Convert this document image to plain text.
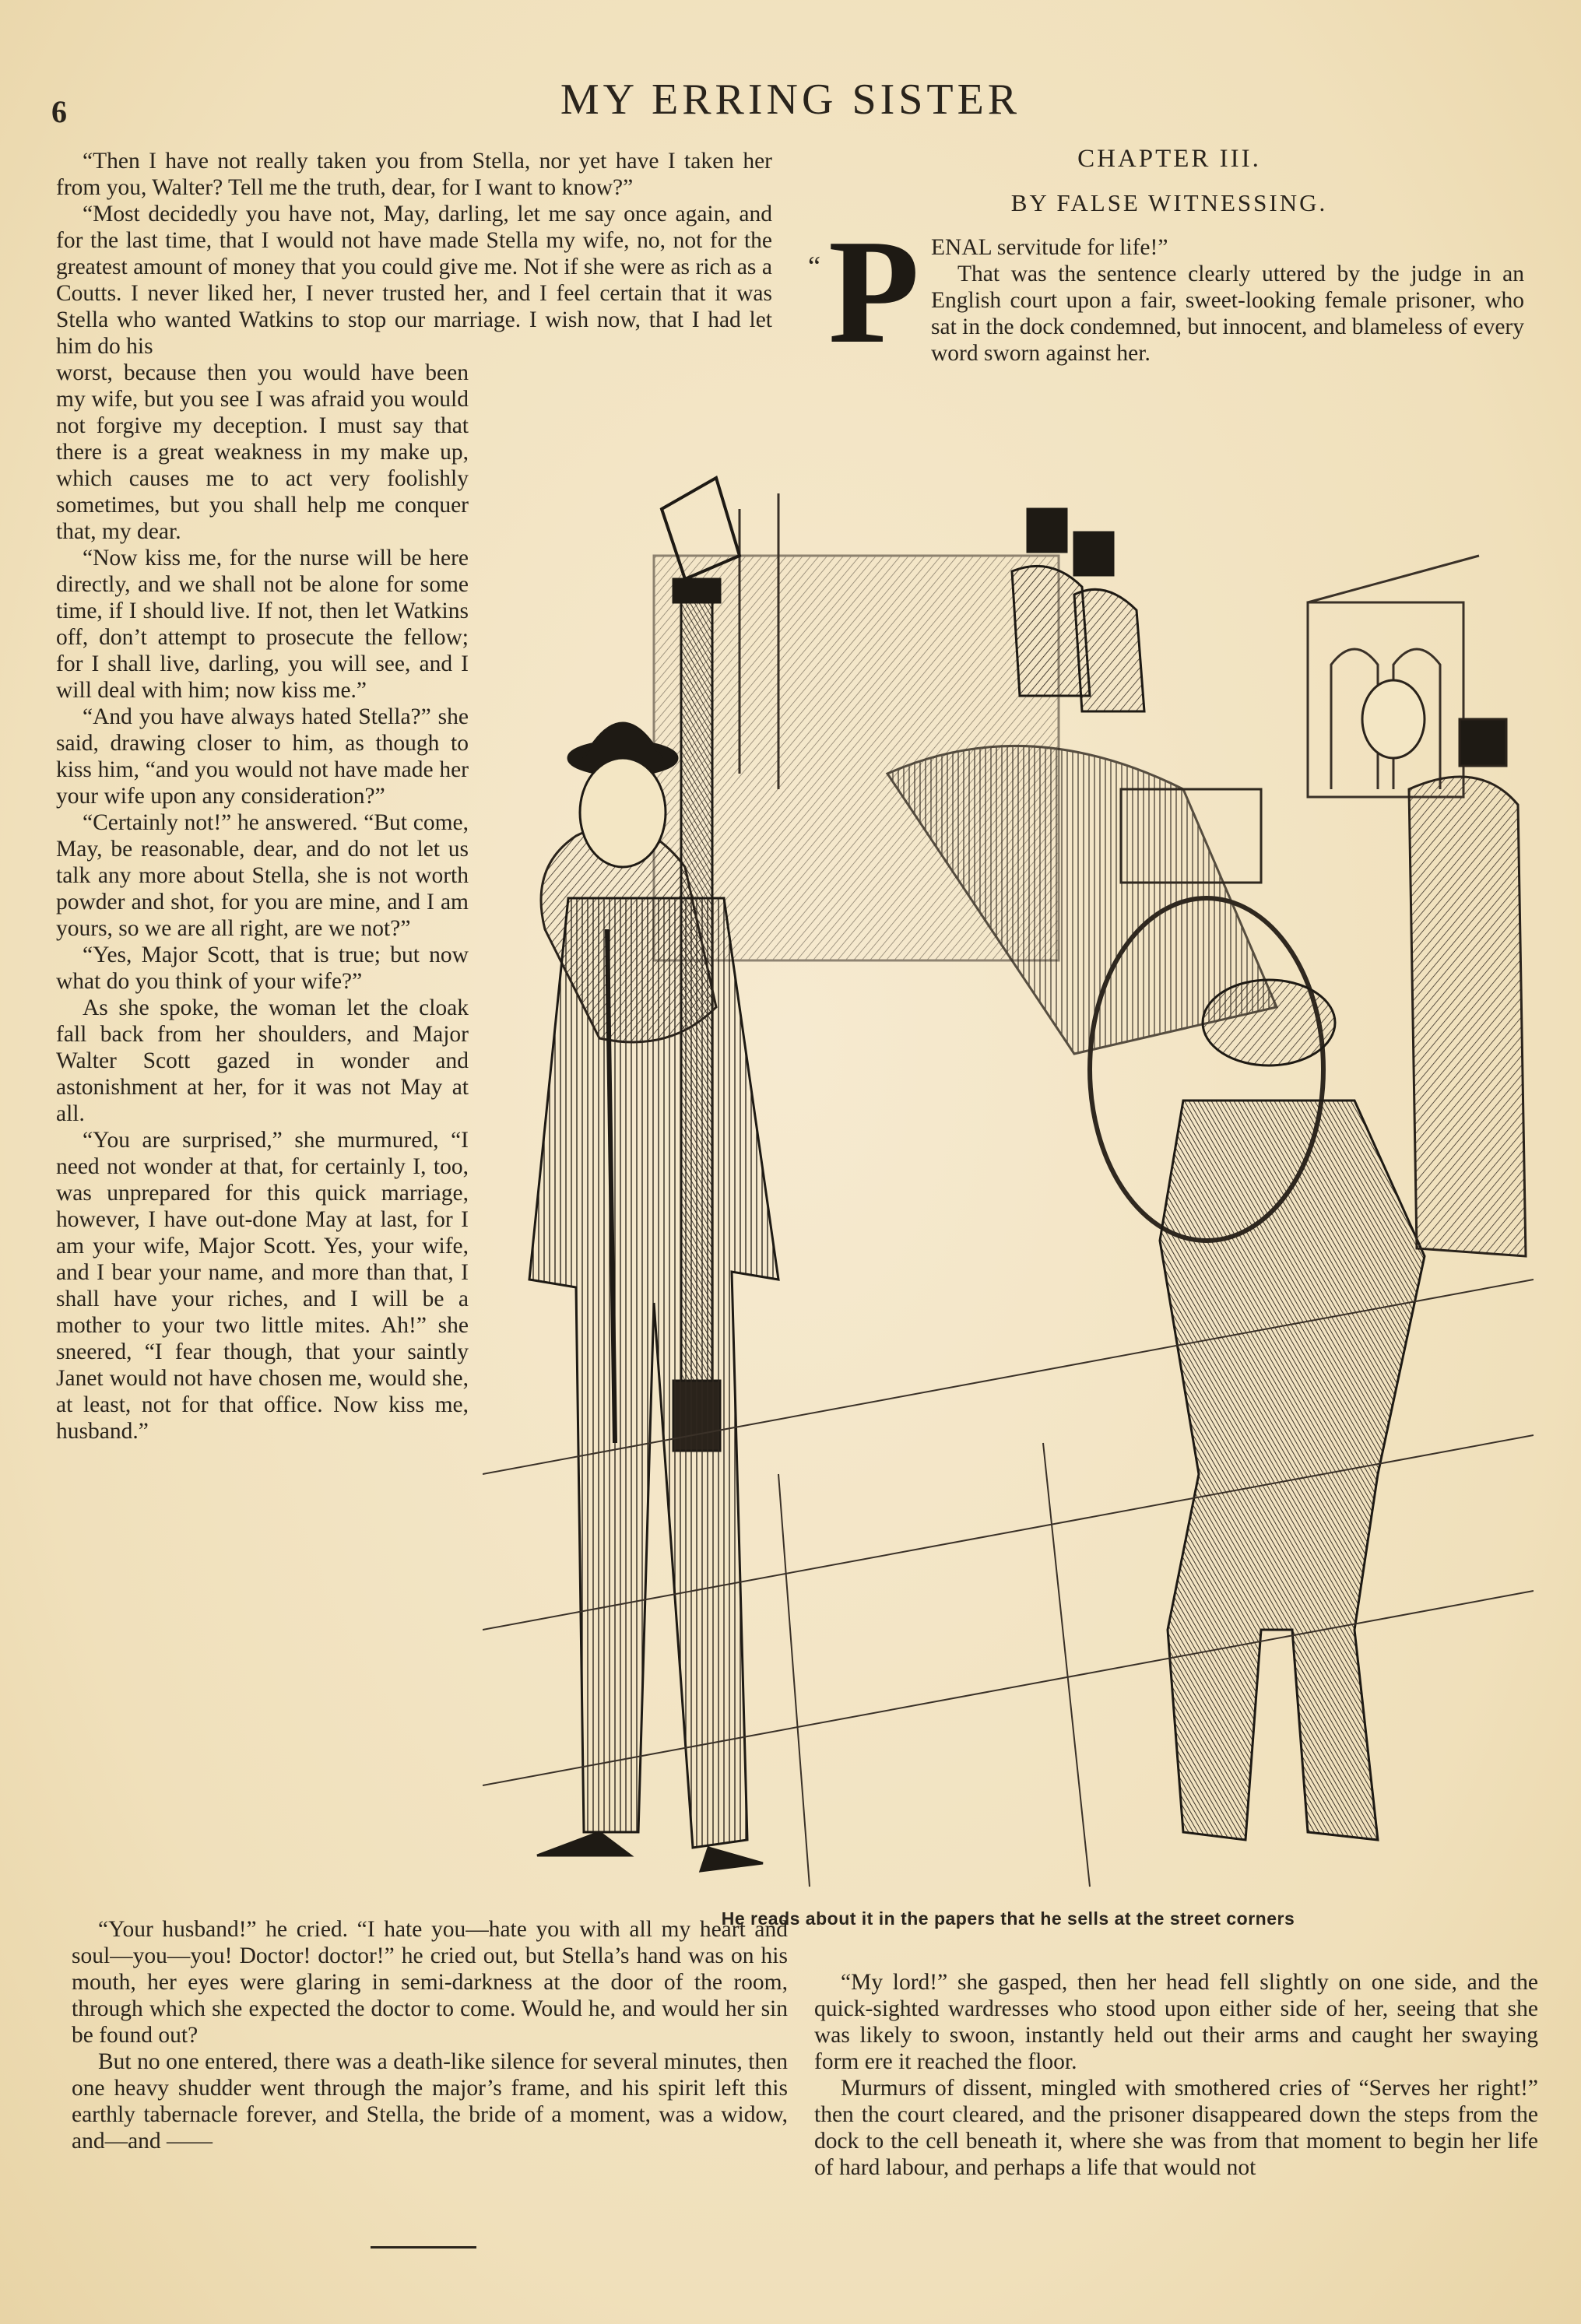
6	MY ERRING SISTER

“Then I have not really taken you from Stella, nor yet have I taken her from you, Walter? Tell me the truth, dear, for I want to know?”

“Most decidedly you have not, May, darling, let me say once again, and for the last time, that I would not have made Stella my wife, no, not for the greatest amount of money that you could give me. Not if she were as rich as a Coutts. I never liked her, I never trusted her, and I feel certain that it was Stella who wanted Watkins to stop our marriage. I wish now, that I had let him do his

worst, because then you would have been my wife, but you see I was afraid you would not forgive my deception. I must say that there is a great weakness in my make up, which causes me to act very foolishly sometimes, but you shall help me conquer that, my dear.

“Now kiss me, for the nurse will be here directly, and we shall not be alone for some time, if I should live. If not, then let Watkins off, don’t attempt to prosecute the fellow; for I shall live, darling, you will see, and I will deal with him; now kiss me.”

“And you have always hated Stella?” she said, drawing closer to him, as though to kiss him, “and you would not have made her your wife upon any consideration?”

“Certainly not!” he answered. “But come, May, be reasonable, dear, and do not let us talk any more about Stella, she is not worth powder and shot, for you are mine, and I am yours, so we are all right, are we not?”

“Yes, Major Scott, that is true; but now what do you think of your wife?”

As she spoke, the woman let the cloak fall back from her shoulders, and Major Walter Scott gazed in wonder and astonishment at her, for it was not May at all.

“You are surprised,” she murmured, “I need not wonder at that, for certainly I, too, was unprepared for this quick marriage, however, I have out-done May at last, for I am your wife, Major Scott. Yes, your wife, and I bear your name, and more than that, I shall have your riches, and I will be a mother to your two little mites. Ah!” she sneered, “I fear though, that your saintly Janet would not have chosen me, would she, at least, not for that office. Now kiss me, husband.”

CHAPTER III.
BY FALSE WITNESSING.
“ P ENAL servitude for life!”

That was the sentence clearly uttered by the judge in an English court upon a fair, sweet-looking female prisoner, who sat in the dock condemned, but innocent, and blameless of every word sworn against her.

He reads about it in the papers that he sells at the street corners

“Your husband!” he cried. “I hate you—hate you with all my heart and soul—you—you! Doctor! doctor!” he cried out, but Stella’s hand was on his mouth, her eyes were glaring in semi-darkness at the door of the room, through which she expected the doctor to come. Would he, and would her sin be found out?

But no one entered, there was a death-like silence for several minutes, then one heavy shudder went through the major’s frame, and his spirit left this earthly tabernacle forever, and Stella, the bride of a moment, was a widow, and—and ——

“My lord!” she gasped, then her head fell slightly on one side, and the quick-sighted wardresses who stood upon either side of her, seeing that she was likely to swoon, instantly held out their arms and caught her swaying form ere it reached the floor.

Murmurs of dissent, mingled with smothered cries of “Serves her right!” then the court cleared, and the prisoner disappeared down the steps from the dock to the cell beneath it, where she was from that moment to begin her life of hard labour, and perhaps a life that would not
